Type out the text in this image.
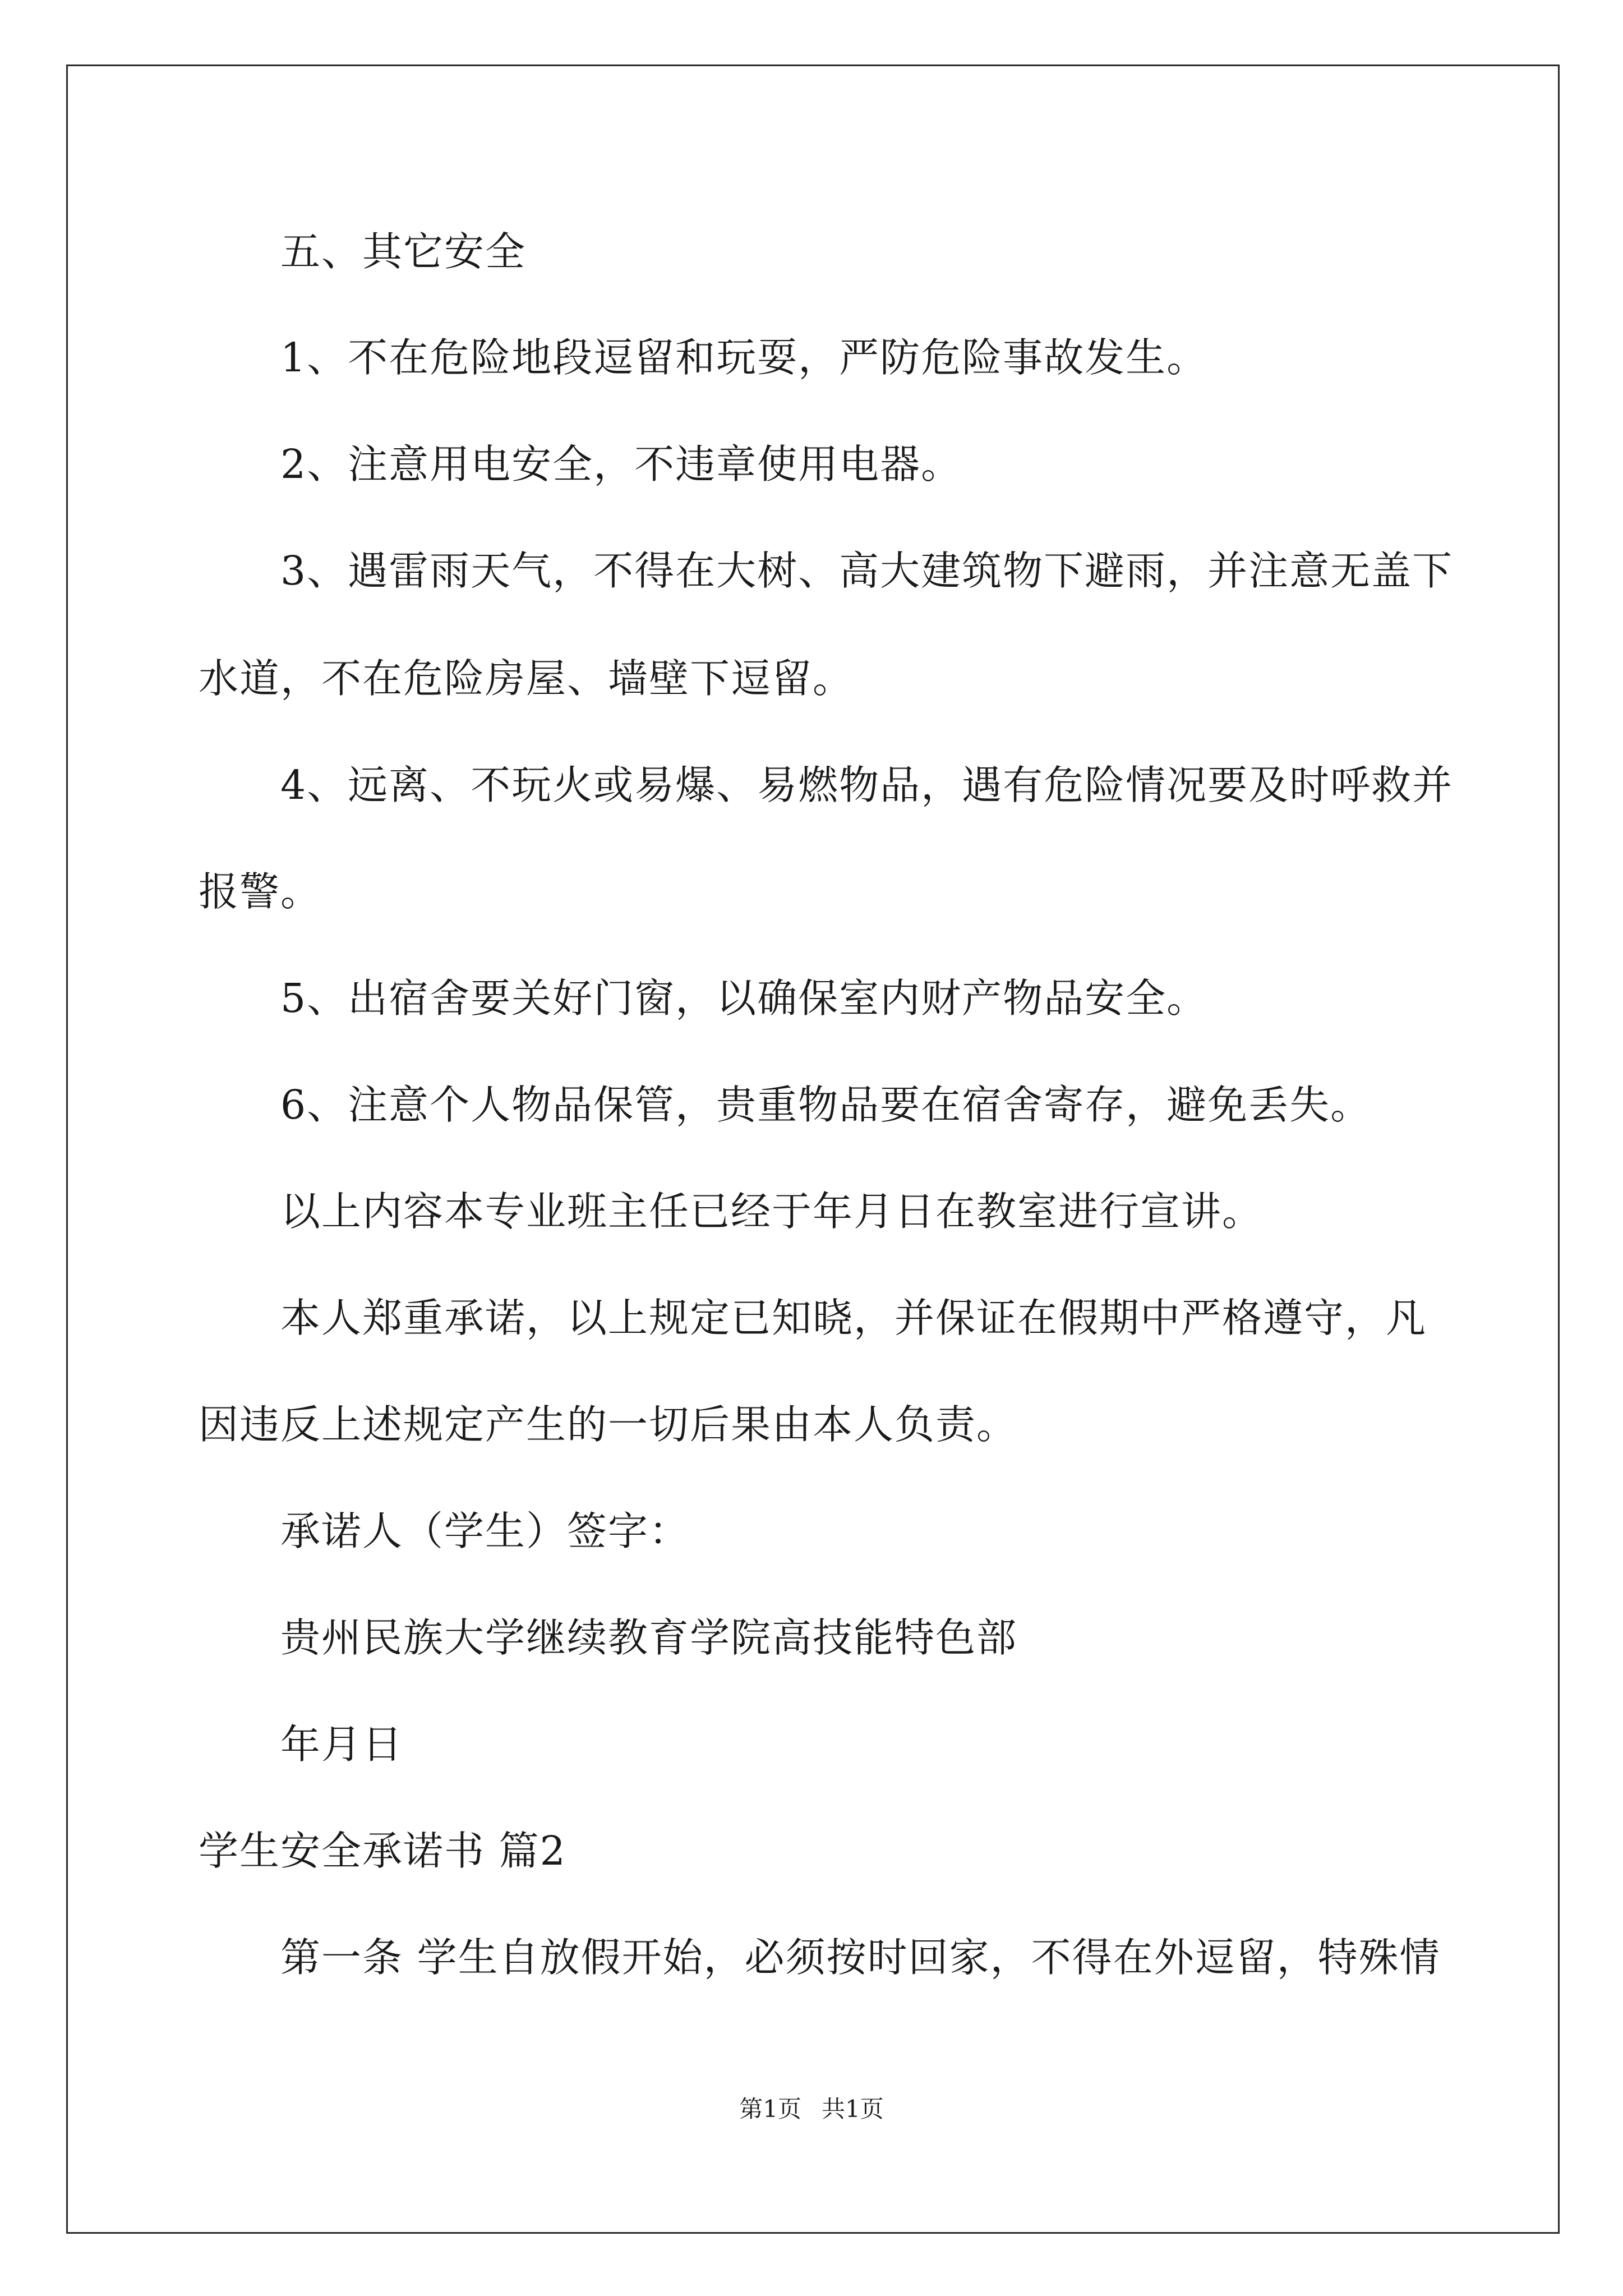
五、其它安全
1、不在危险地段逗留和玩耍，严防危险事故发生。
2、注意用电安全，不违章使用电器。
3、遇雷雨天气，不得在大树、高大建筑物下避雨，并注意无盖下
水道，不在危险房屋、墙壁下逗留。
4、远离、不玩火或易爆、易燃物品，遇有危险情况要及时呼救并
报警。
5、出宿舍要关好门窗，以确保室内财产物品安全。
6、注意个人物品保管，贵重物品要在宿舍寄存，避免丢失。
以上内容本专业班主任已经于年月日在教室进行宣讲。
本人郑重承诺，以上规定已知晓，并保证在假期中严格遵守，凡
因违反上述规定产生的一切后果由本人负责。
承诺人（学生）签字：
贵州民族大学继续教育学院高技能特色部
年月日
学生安全承诺书 篇2
第一条 学生自放假开始，必须按时回家，不得在外逗留，特殊情
第1页 共1页
